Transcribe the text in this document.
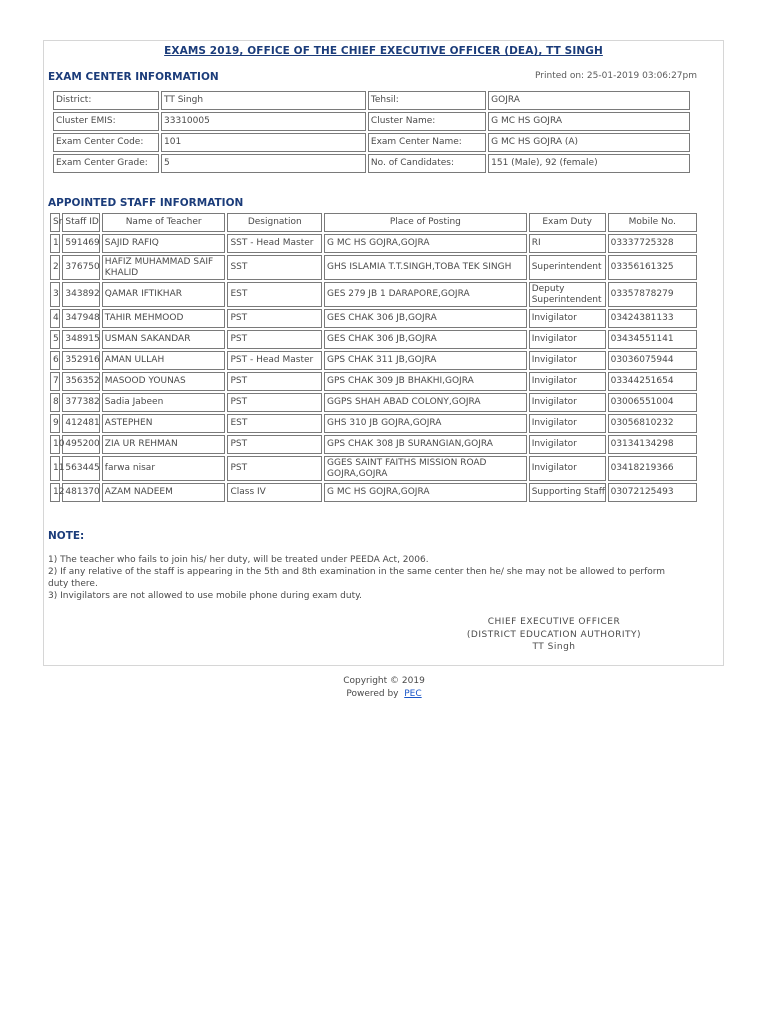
EXAMS 2019, OFFICE OF THE CHIEF EXECUTIVE OFFICER (DEA), TT SINGH
EXAM CENTER INFORMATION	Printed on: 25-01-2019 03:06:27pm
District:	TT Singh	Tehsil:	GOJRA
Cluster EMIS:	33310005	Cluster Name:	G MC HS GOJRA
Exam Center Code:	101	Exam Center Name:	G MC HS GOJRA (A)
Exam Center Grade:	5	No. of Candidates:	151 (Male), 92 (female)
APPOINTED STAFF INFORMATION
Sr	Staff ID	Name of Teacher	Designation	Place of Posting	Exam Duty	Mobile No.
1	591469	SAJID RAFIQ	SST - Head Master	G MC HS GOJRA,GOJRA	RI	03337725328
2	376750	HAFIZ MUHAMMAD SAIF KHALID	SST	GHS ISLAMIA T.T.SINGH,TOBA TEK SINGH	Superintendent	03356161325
3	343892	QAMAR IFTIKHAR	EST	GES 279 JB 1 DARAPORE,GOJRA	Deputy Superintendent	03357878279
4	347948	TAHIR MEHMOOD	PST	GES CHAK 306 JB,GOJRA	Invigilator	03424381133
5	348915	USMAN SAKANDAR	PST	GES CHAK 306 JB,GOJRA	Invigilator	03434551141
6	352916	AMAN ULLAH	PST - Head Master	GPS CHAK 311 JB,GOJRA	Invigilator	03036075944
7	356352	MASOOD YOUNAS	PST	GPS CHAK 309 JB BHAKHI,GOJRA	Invigilator	03344251654
8	377382	Sadia Jabeen	PST	GGPS SHAH ABAD COLONY,GOJRA	Invigilator	03006551004
9	412481	ASTEPHEN	EST	GHS 310 JB GOJRA,GOJRA	Invigilator	03056810232
10	495200	ZIA UR REHMAN	PST	GPS CHAK 308 JB SURANGIAN,GOJRA	Invigilator	03134134298
11	563445	farwa nisar	PST	GGES SAINT FAITHS MISSION ROAD GOJRA,GOJRA	Invigilator	03418219366
12	481370	AZAM NADEEM	Class IV	G MC HS GOJRA,GOJRA	Supporting Staff	03072125493
NOTE:
1) The teacher who fails to join his/ her duty, will be treated under PEEDA Act, 2006.
2) If any relative of the staff is appearing in the 5th and 8th examination in the same center then he/ she may not be allowed to perform duty there.
3) Invigilators are not allowed to use mobile phone during exam duty.
CHIEF EXECUTIVE OFFICER
(DISTRICT EDUCATION AUTHORITY)
TT Singh
Copyright © 2019
Powered by PEC
